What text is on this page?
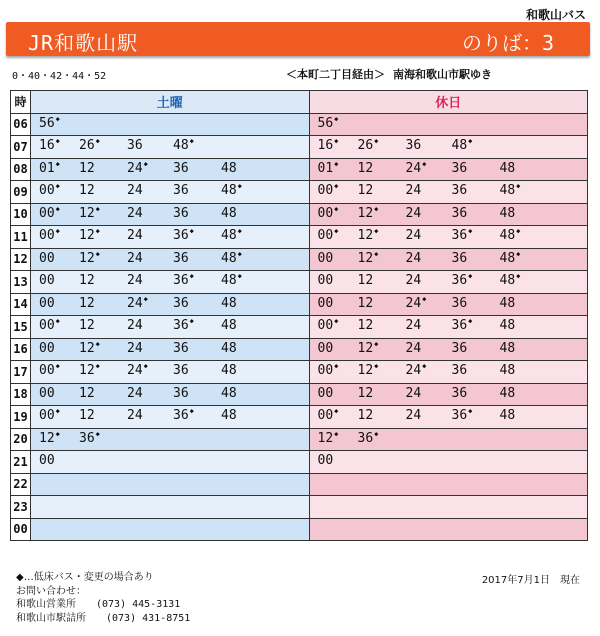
和歌山バス
JR和歌山駅	のりば：3
0・40・42・44・52	＜本町二丁目経由＞ 南海和歌山市駅ゆき
時	土曜	休日
06	56◆	56◆

07	16◆ 26◆ 36 48◆	16◆ 26◆ 36 48◆

08	01◆ 12 24◆ 36 48	01◆ 12 24◆ 36 48

09	00◆ 12 24 36 48◆	00◆ 12 24 36 48◆

10	00◆ 12◆ 24 36 48	00◆ 12◆ 24 36 48

11	00◆ 12◆ 24 36◆ 48◆	00◆ 12◆ 24 36◆ 48◆

12	00 12◆ 24 36 48◆	00 12◆ 24 36 48◆

13	00 12 24 36◆ 48◆	00 12 24 36◆ 48◆

14	00 12 24◆ 36 48	00 12 24◆ 36 48

15	00◆ 12 24 36◆ 48	00◆ 12 24 36◆ 48

16	00 12◆ 24 36 48	00 12◆ 24 36 48

17	00◆ 12◆ 24◆ 36 48	00◆ 12◆ 24◆ 36 48

18	00 12 24 36 48	00 12 24 36 48

19	00◆ 12 24 36◆ 48	00◆ 12 24 36◆ 48

20	12◆ 36◆	12◆ 36◆

21	00	00

22	

23	

00	

◆…低床バス・変更の場合あり
お問い合わせ：
和歌山営業所 (073) 445-3131
和歌山市駅詰所 (073) 431-8751
2017年7月1日　現在
